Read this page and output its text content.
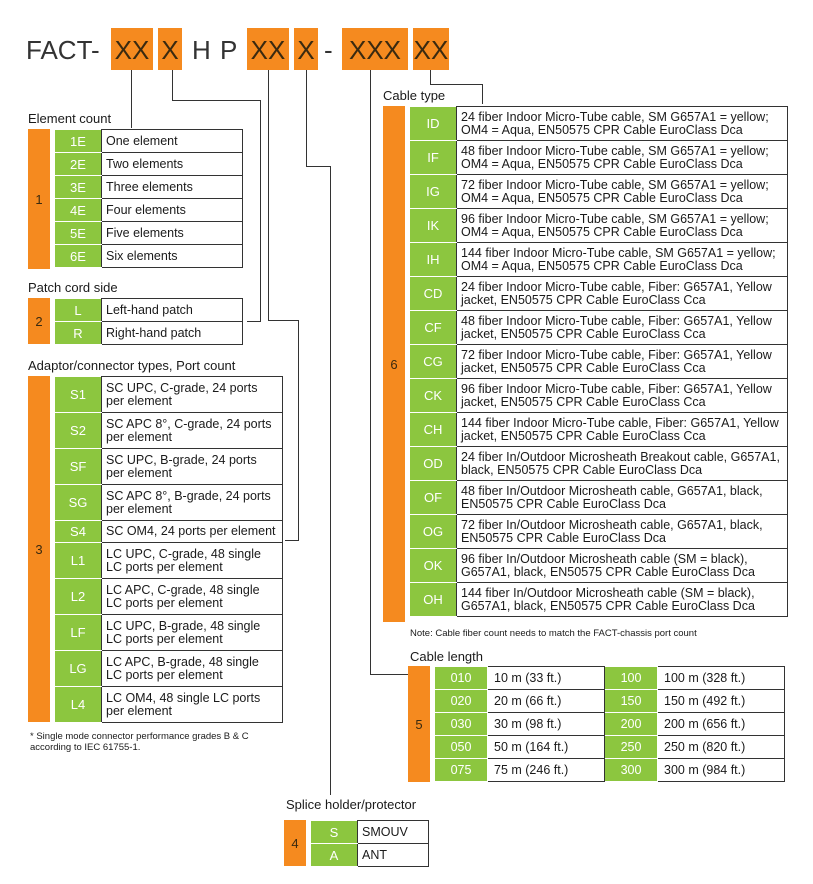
FACT-
1
XX
2
X H P
3
XX
4
X -
5
XXX
6
XX
Element count
1
1E	One element
2E	Two elements
3E	Three elements
4E	Four elements
5E	Five elements
6E	Six elements
Patch cord side
2
L	Left-hand patch
R	Right-hand patch
Adaptor/connector types, Port count
3
S1	SC UPC, C-grade, 24 ports per element
S2	SC APC 8°, C-grade, 24 ports per element
SF	SC UPC, B-grade, 24 ports per element
SG	SC APC 8°, B-grade, 24 ports per element
S4	SC OM4, 24 ports per element
L1	LC UPC, C-grade, 48 single LC ports per element
L2	LC APC, C-grade, 48 single LC ports per element
LF	LC UPC, B-grade, 48 single LC ports per element
LG	LC APC, B-grade, 48 single LC ports per element
L4	LC OM4, 48 single LC ports per element
* Single mode connector performance grades B & C according to IEC 61755-1.
Splice holder/protector
4
S	SMOUV
A	ANT
Cable type
6
ID	24 fiber Indoor Micro-Tube cable, SM G657A1 = yellow; OM4 = Aqua, EN50575 CPR Cable EuroClass Dca
IF	48 fiber Indoor Micro-Tube cable, SM G657A1 = yellow; OM4 = Aqua, EN50575 CPR Cable EuroClass Dca
IG	72 fiber Indoor Micro-Tube cable, SM G657A1 = yellow; OM4 = Aqua, EN50575 CPR Cable EuroClass Dca
IK	96 fiber Indoor Micro-Tube cable, SM G657A1 = yellow; OM4 = Aqua, EN50575 CPR Cable EuroClass Dca
IH	144 fiber Indoor Micro-Tube cable, SM G657A1 = yellow; OM4 = Aqua, EN50575 CPR Cable EuroClass Dca
CD	24 fiber Indoor Micro-Tube cable, Fiber: G657A1, Yellow jacket, EN50575 CPR Cable EuroClass Cca
CF	48 fiber Indoor Micro-Tube cable, Fiber: G657A1, Yellow jacket, EN50575 CPR Cable EuroClass Cca
CG	72 fiber Indoor Micro-Tube cable, Fiber: G657A1, Yellow jacket, EN50575 CPR Cable EuroClass Cca
CK	96 fiber Indoor Micro-Tube cable, Fiber: G657A1, Yellow jacket, EN50575 CPR Cable EuroClass Cca
CH	144 fiber Indoor Micro-Tube cable, Fiber: G657A1, Yellow jacket, EN50575 CPR Cable EuroClass Cca
OD	24 fiber In/Outdoor Microsheath Breakout cable, G657A1, black, EN50575 CPR Cable EuroClass Dca
OF	48 fiber In/Outdoor Microsheath cable, G657A1, black, EN50575 CPR Cable EuroClass Dca
OG	72 fiber In/Outdoor Microsheath cable, G657A1, black, EN50575 CPR Cable EuroClass Dca
OK	96 fiber In/Outdoor Microsheath cable (SM = black), G657A1, black, EN50575 CPR Cable EuroClass Dca
OH	144 fiber In/Outdoor Microsheath cable (SM = black), G657A1, black, EN50575 CPR Cable EuroClass Dca
Note: Cable fiber count needs to match the FACT-chassis port count
Cable length
5
010	10 m (33 ft.)	100	100 m (328 ft.)
020	20 m (66 ft.)	150	150 m (492 ft.)
030	30 m (98 ft.)	200	200 m (656 ft.)
050	50 m (164 ft.)	250	250 m (820 ft.)
075	75 m (246 ft.)	300	300 m (984 ft.)
